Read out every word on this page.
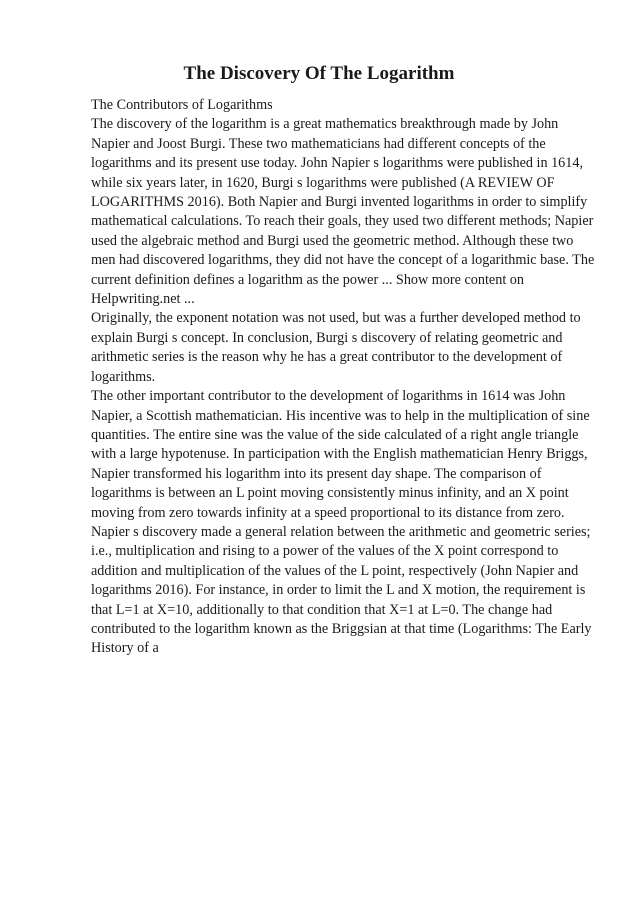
The Discovery Of The Logarithm

The Contributors of Logarithms

The discovery of the logarithm is a great mathematics breakthrough made by John Napier and Joost Burgi. These two mathematicians had different concepts of the logarithms and its present use today. John Napier s logarithms were published in 1614, while six years later, in 1620, Burgi s logarithms were published (A REVIEW OF LOGARITHMS 2016). Both Napier and Burgi invented logarithms in order to simplify mathematical calculations. To reach their goals, they used two different methods; Napier used the algebraic method and Burgi used the geometric method. Although these two men had discovered logarithms, they did not have the concept of a logarithmic base. The current definition defines a logarithm as the power ... Show more content on Helpwriting.net ...

Originally, the exponent notation was not used, but was a further developed method to explain Burgi s concept. In conclusion, Burgi s discovery of relating geometric and arithmetic series is the reason why he has a great contributor to the development of logarithms.

The other important contributor to the development of logarithms in 1614 was John Napier, a Scottish mathematician. His incentive was to help in the multiplication of sine quantities. The entire sine was the value of the side calculated of a right angle triangle with a large hypotenuse. In participation with the English mathematician Henry Briggs, Napier transformed his logarithm into its present day shape. The comparison of logarithms is between an L point moving consistently minus infinity, and an X point moving from zero towards infinity at a speed proportional to its distance from zero. Napier s discovery made a general relation between the arithmetic and geometric series; i.e., multiplication and rising to a power of the values of the X point correspond to addition and multiplication of the values of the L point, respectively (John Napier and logarithms 2016). For instance, in order to limit the L and X motion, the requirement is that L=1 at X=10, additionally to that condition that X=1 at L=0. The change had contributed to the logarithm known as the Briggsian at that time (Logarithms: The Early History of a
